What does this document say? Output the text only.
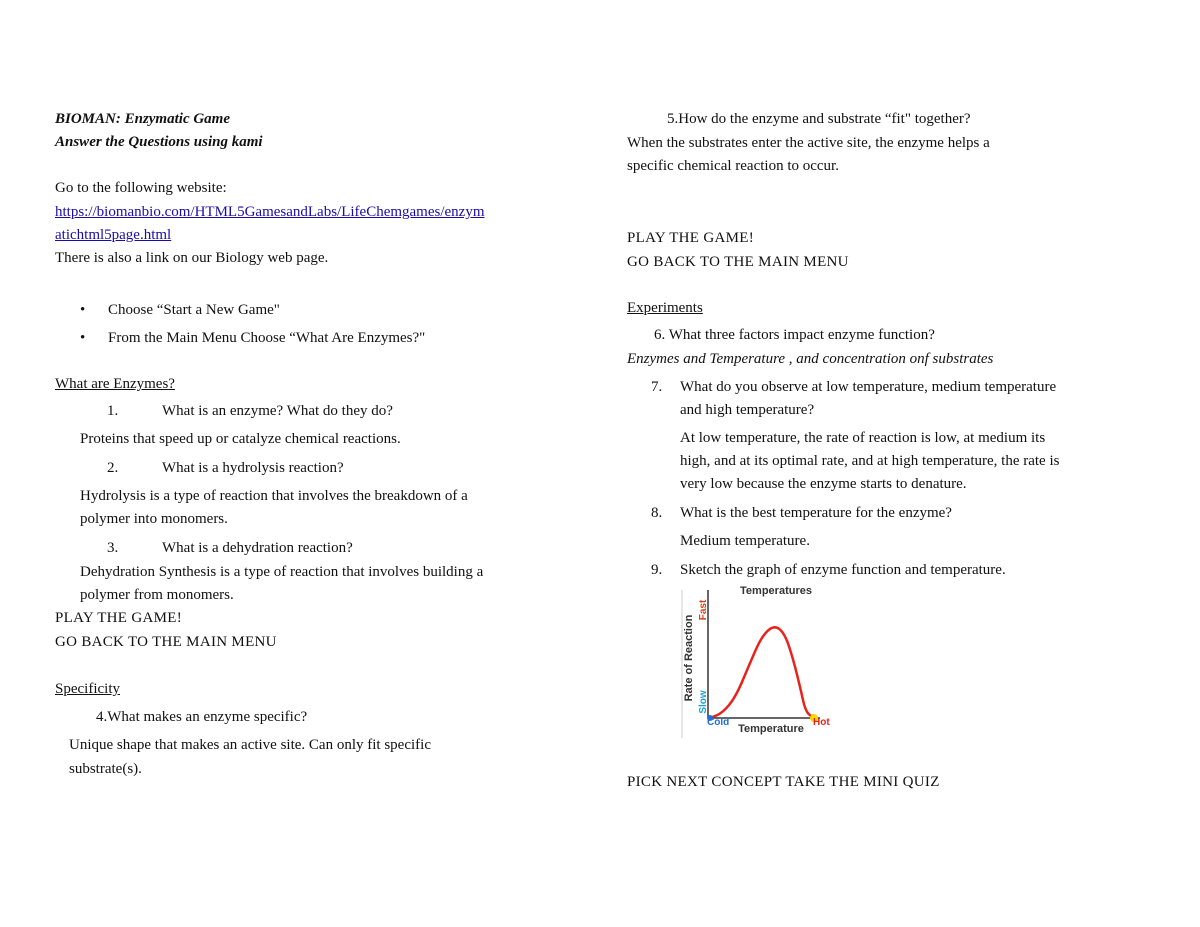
BIOMAN: Enzymatic Game
Answer the Questions using kami
Go to the following website:
https://biomanbio.com/HTML5GamesandLabs/LifeChemgames/enzym
atichtml5page.html
There is also a link on our Biology web page.
• Choose “Start a New Game"
• From the Main Menu Choose “What Are Enzymes?"
What are Enzymes?
1.	What is an enzyme? What do they do?
Proteins that speed up or catalyze chemical reactions.
2.	What is a hydrolysis reaction?
Hydrolysis is a type of reaction that involves the breakdown of a
polymer into monomers.
3.	What is a dehydration reaction?
Dehydration Synthesis is a type of reaction that involves building a
polymer from monomers.
PLAY THE GAME!
GO BACK TO THE MAIN MENU
Specificity
4.What makes an enzyme specific?
Unique shape that makes an active site. Can only fit specific
substrate(s).
5.How do the enzyme and substrate “fit" together?
When the substrates enter the active site, the enzyme helps a
specific chemical reaction to occur.
PLAY THE GAME!
GO BACK TO THE MAIN MENU
Experiments
6. What three factors impact enzyme function?
Enzymes and Temperature , and concentration onf substrates
7. What do you observe at low temperature, medium temperature
and high temperature?
At low temperature, the rate of reaction is low, at medium its
high, and at its optimal rate, and at high temperature, the rate is
very low because the enzyme starts to denature.
8. What is the best temperature for the enzyme?
Medium temperature.
9. Sketch the graph of enzyme function and temperature.
Temperatures
Temperature
Rate of Reaction
Fast
Slow
Cold	Hot
PICK NEXT CONCEPT TAKE THE MINI QUIZ
